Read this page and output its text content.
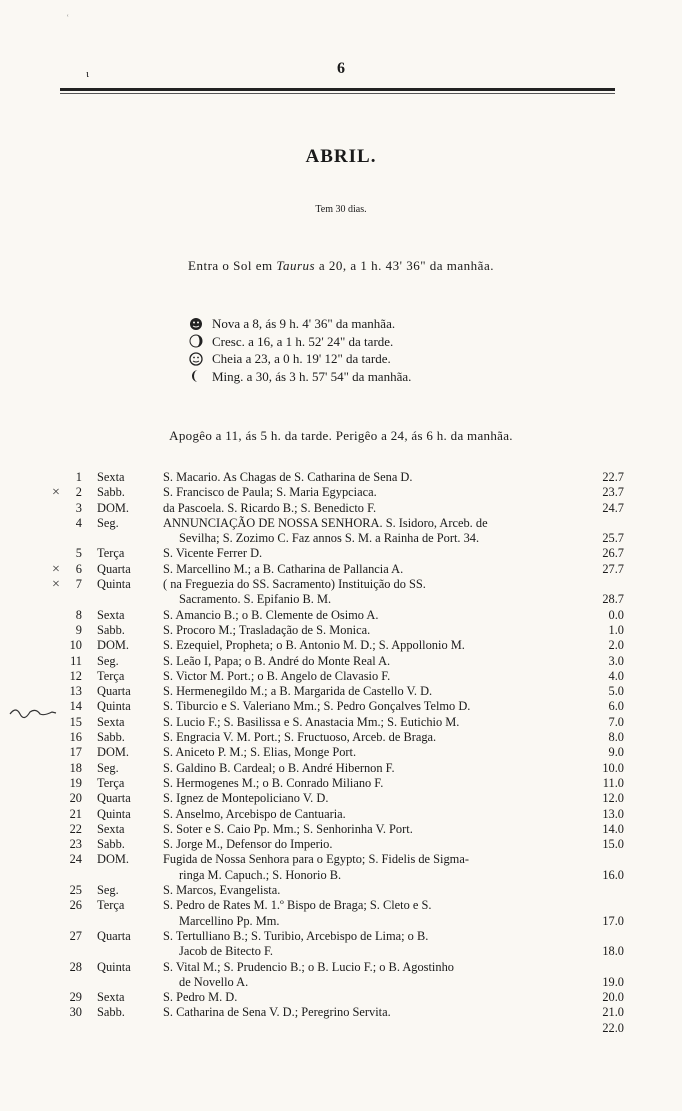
ʿ
ι	6
ABRIL.
Tem 30 dias.
Entra o Sol em Taurus a 20, a 1 h. 43' 36" da manhãa.
Nova a 8, ás 9 h. 4' 36" da manhãa.
Cresc. a 16, a 1 h. 52' 24" da tarde.
Cheia a 23, a 0 h. 19' 12" da tarde.
Ming. a 30, ás 3 h. 57' 54" da manhãa.
Apogêo a 11, ás 5 h. da tarde. Perigêo a 24, ás 6 h. da manhãa.
1 Sexta	S. Macario. As Chagas de S. Catharina de Sena D.	22.7
×	2 Sabb.	S. Francisco de Paula; S. Maria Egypciaca.	23.7
3 DOM.	da Pascoela. S. Ricardo B.; S. Benedicto F.	24.7
4 Seg.	ANNUNCIAÇÃO DE NOSSA SENHORA. S. Isidoro, Arceb. de
Sevilha; S. Zozimo C. Faz annos S. M. a Rainha de Port. 34.	25.7
5 Terça	S. Vicente Ferrer D.	26.7
×	6 Quarta	S. Marcellino M.; a B. Catharina de Pallancia A.	27.7
×	7 Quinta	( na Freguezia do SS. Sacramento) Instituição do SS.
Sacramento. S. Epifanio B. M.	28.7
8 Sexta	S. Amancio B.; o B. Clemente de Osimo A.	0.0
9 Sabb.	S. Procoro M.; Trasladação de S. Monica.	1.0
10 DOM.	S. Ezequiel, Propheta; o B. Antonio M. D.; S. Appollonio M.	2.0
11 Seg.	S. Leão I, Papa; o B. André do Monte Real A.	3.0
12 Terça	S. Victor M. Port.; o B. Angelo de Clavasio F.	4.0
13 Quarta	S. Hermenegildo M.; a B. Margarida de Castello V. D.	5.0
14 Quinta	S. Tiburcio e S. Valeriano Mm.; S. Pedro Gonçalves Telmo D.	6.0
15 Sexta	S. Lucio F.; S. Basilissa e S. Anastacia Mm.; S. Eutichio M.	7.0
16 Sabb.	S. Engracia V. M. Port.; S. Fructuoso, Arceb. de Braga.	8.0
17 DOM.	S. Aniceto P. M.; S. Elias, Monge Port.	9.0
18 Seg.	S. Galdino B. Cardeal; o B. André Hibernon F.	10.0
19 Terça	S. Hermogenes M.; o B. Conrado Miliano F.	11.0
20 Quarta	S. Ignez de Montepoliciano V. D.	12.0
21 Quinta	S. Anselmo, Arcebispo de Cantuaria.	13.0
22 Sexta	S. Soter e S. Caio Pp. Mm.; S. Senhorinha V. Port.	14.0
23 Sabb.	S. Jorge M., Defensor do Imperio.	15.0
24 DOM.	Fugida de Nossa Senhora para o Egypto; S. Fidelis de Sigma-
ringa M. Capuch.; S. Honorio B.	16.0
25 Seg.	S. Marcos, Evangelista.
26 Terça	S. Pedro de Rates M. 1.º Bispo de Braga; S. Cleto e S.
Marcellino Pp. Mm.	17.0
27 Quarta	S. Tertulliano B.; S. Turibio, Arcebispo de Lima; o B.
Jacob de Bitecto F.	18.0
28 Quinta	S. Vital M.; S. Prudencio B.; o B. Lucio F.; o B. Agostinho
de Novello A.	19.0
29 Sexta	S. Pedro M. D.	20.0
30 Sabb.	S. Catharina de Sena V. D.; Peregrino Servita.	21.0
22.0
